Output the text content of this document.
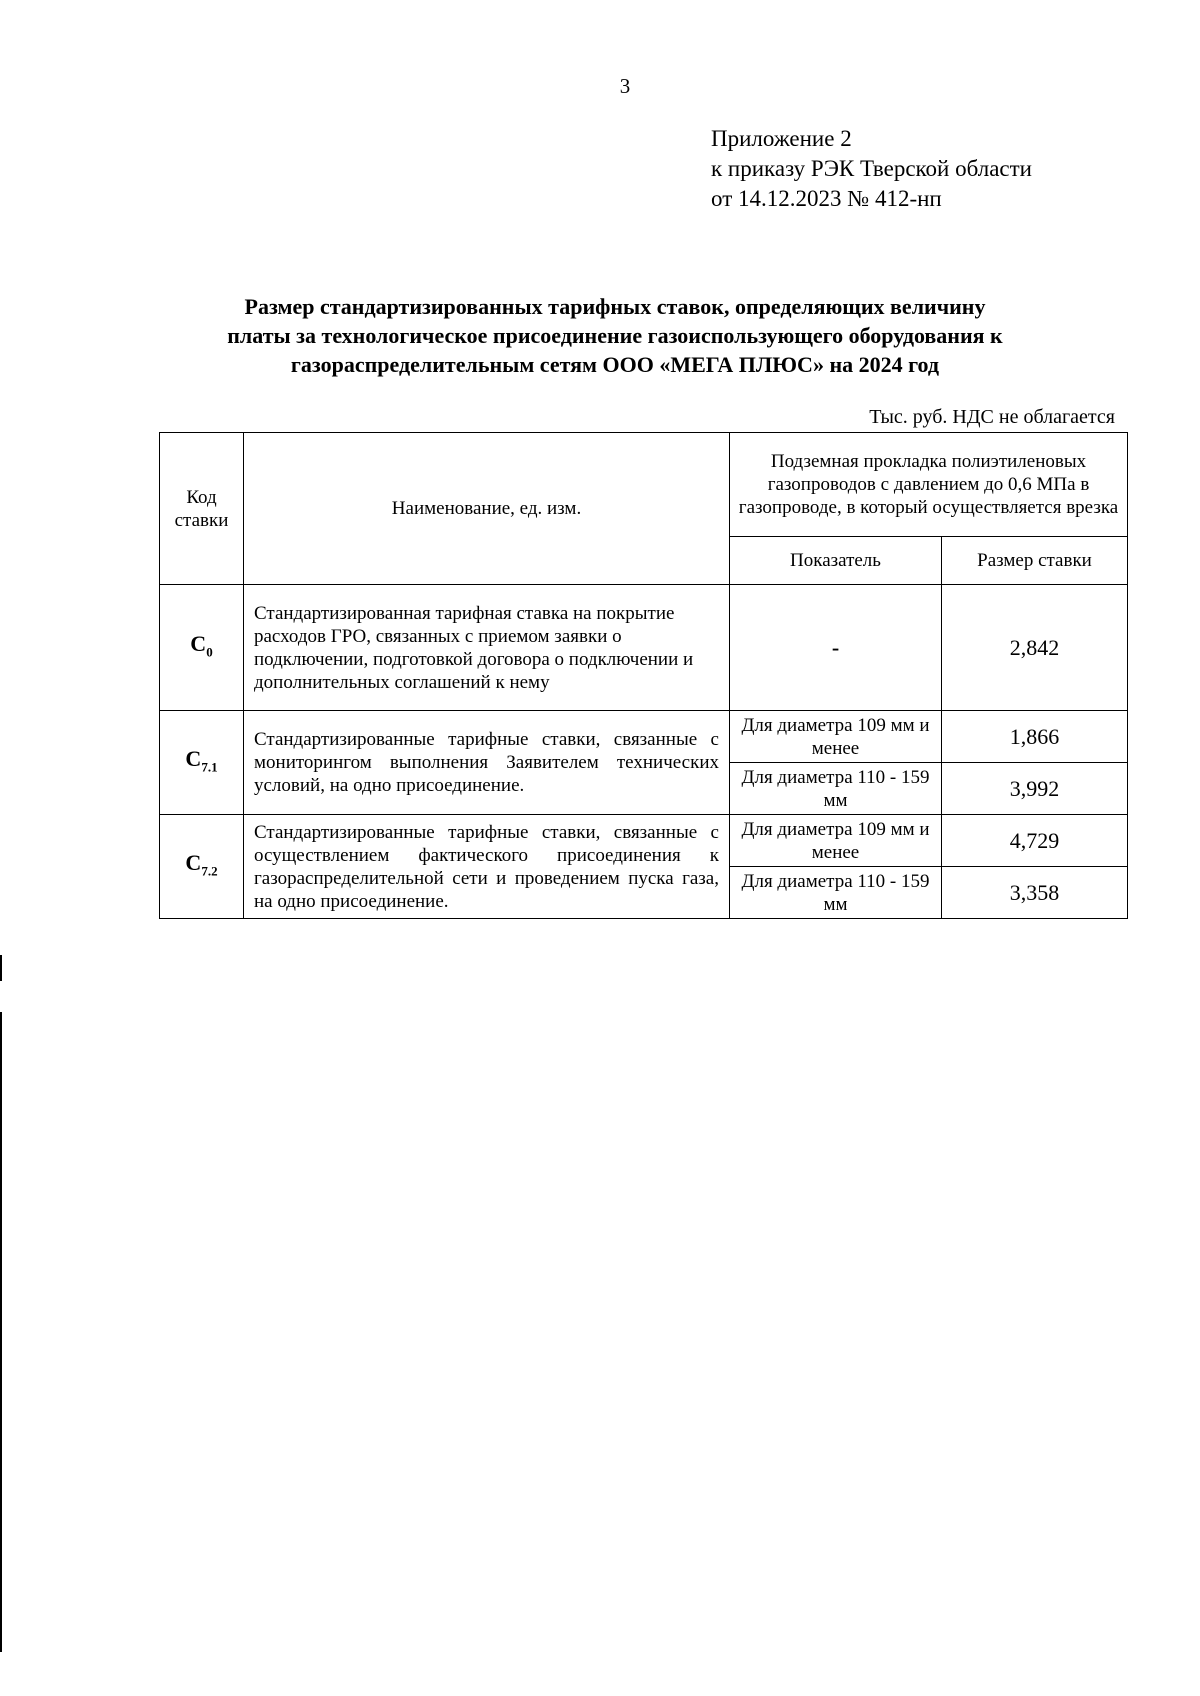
3
Приложение 2
к приказу РЭК Тверской области
от 14.12.2023 № 412-нп
Размер стандартизированных тарифных ставок, определяющих величину
платы за технологическое присоединение газоиспользующего оборудования к
газораспределительным сетям ООО «МЕГА ПЛЮС» на 2024 год
Тыс. руб. НДС не облагается
Код ставки	Наименование, ед. изм.	Подземная прокладка полиэтиленовых газопроводов с давлением до 0,6 МПа в газопроводе, в который осуществляется врезка	
		Показатель	Размер ставки
$С_0$	Стандартизированная тарифная ставка на покрытие расходов ГРО, связанных с приемом заявки о подключении, подготовкой договора о подключении и дополнительных соглашений к нему	-	2,842
$С_{7.1}$	Стандартизированные тарифные ставки, связанные с мониторингом выполнения Заявителем технических условий, на одно присоединение.	Для диаметра 109 мм и менее	1,866
		Для диаметра 110 - 159 мм	3,992
$С_{7.2}$	Стандартизированные тарифные ставки, связанные с осуществлением фактического присоединения к газораспределительной сети и проведением пуска газа, на одно присоединение.	Для диаметра 109 мм и менее	4,729
		Для диаметра 110 - 159 мм	3,358
